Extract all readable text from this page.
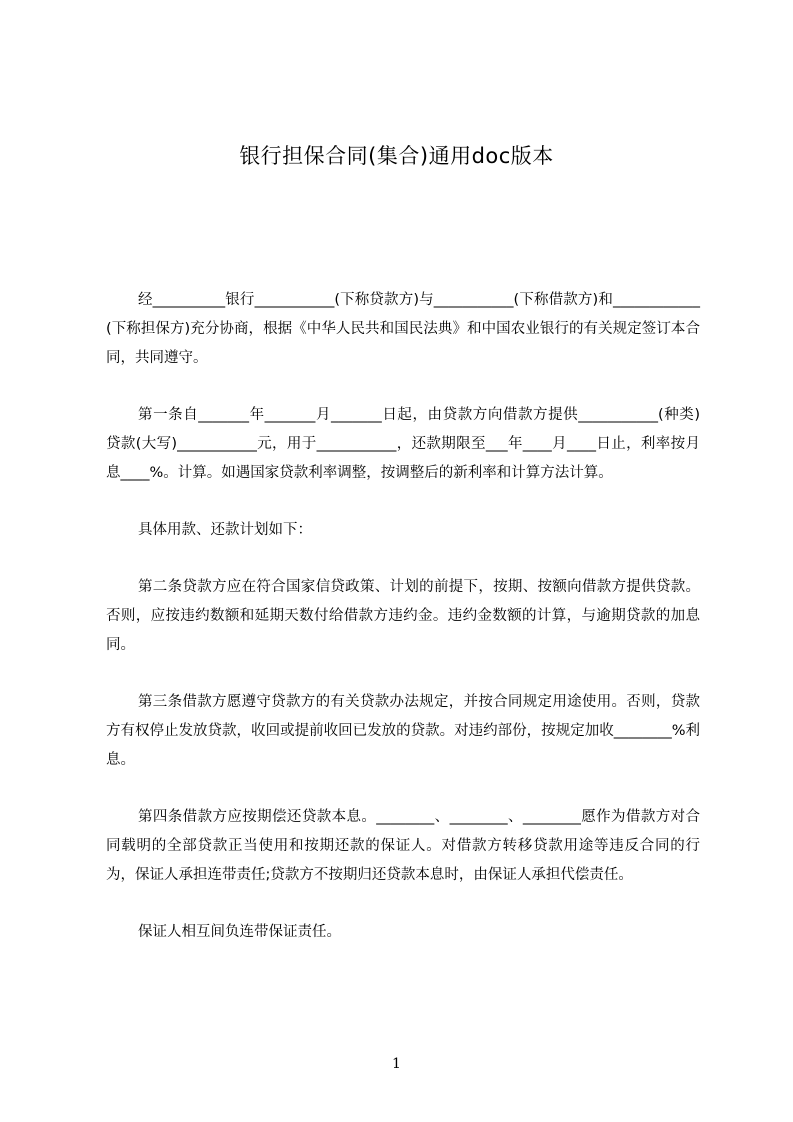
银行担保合同(集合)通用doc版本

经__________银行___________(下称贷款方)与___________(下称借款方)和____________(下称担保方)充分协商，根据《中华人民共和国民法典》和中国农业银行的有关规定签订本合同，共同遵守。

第一条自_______年_______月_______日起，由贷款方向借款方提供___________(种类)贷款(大写)___________元，用于___________，还款期限至___年____月____日止，利率按月息____%。计算。如遇国家贷款利率调整，按调整后的新利率和计算方法计算。

具体用款、还款计划如下：

第二条贷款方应在符合国家信贷政策、计划的前提下，按期、按额向借款方提供贷款。否则，应按违约数额和延期天数付给借款方违约金。违约金数额的计算，与逾期贷款的加息同。

第三条借款方愿遵守贷款方的有关贷款办法规定，并按合同规定用途使用。否则，贷款方有权停止发放贷款，收回或提前收回已发放的贷款。对违约部份，按规定加收________%利息。

第四条借款方应按期偿还贷款本息。________、________、________愿作为借款方对合同载明的全部贷款正当使用和按期还款的保证人。对借款方转移贷款用途等违反合同的行为，保证人承担连带责任;贷款方不按期归还贷款本息时，由保证人承担代偿责任。

保证人相互间负连带保证责任。

1
